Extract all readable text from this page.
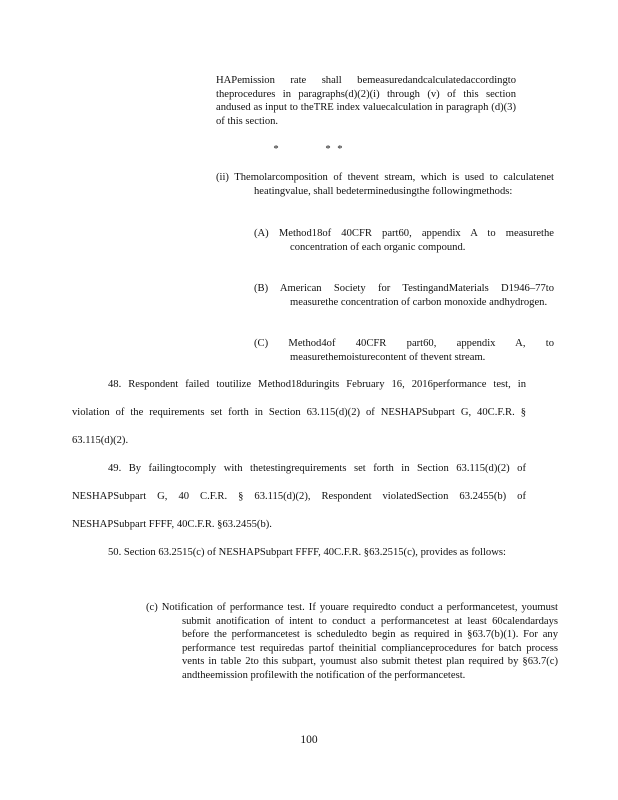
HAPemission rate shall bemeasuredandcalculatedaccordingto theprocedures in paragraphs(d)(2)(i) through (v) of this section andused as input to theTRE index valuecalculation in paragraph (d)(3) of this section.
*	* *
(ii) Themolarcomposition of thevent stream, which is used to calculatenet heatingvalue, shall bedeterminedusingthe followingmethods:
(A) Method18of 40CFR part60, appendix A to measurethe concentration of each organic compound.
(B) American Society for TestingandMaterials D1946–77to measurethe concentration of carbon monoxide andhydrogen.
(C) Method4of 40CFR part60, appendix A, to measurethemoisturecontent of thevent stream.
48. Respondent failed toutilize Method18duringits February 16, 2016performance test, in violation of the requirements set forth in Section 63.115(d)(2) of NESHAPSubpart G, 40C.F.R. § 63.115(d)(2).
49. By failingtocomply with thetestingrequirements set forth in Section 63.115(d)(2) of NESHAPSubpart G, 40 C.F.R. § 63.115(d)(2), Respondent violatedSection 63.2455(b) of NESHAPSubpart FFFF, 40C.F.R. §63.2455(b).
50. Section 63.2515(c) of NESHAPSubpart FFFF, 40C.F.R. §63.2515(c), provides as follows:
(c) Notification of performance test. If youare requiredto conduct a performancetest, youmust submit anotification of intent to conduct a performancetest at least 60calendardays before the performancetest is scheduledto begin as required in §63.7(b)(1). For any performance test requiredas partof theinitial complianceprocedures for batch process vents in table 2to this subpart, youmust also submit thetest plan required by §63.7(c) andtheemission profilewith the notification of the performancetest.
100
